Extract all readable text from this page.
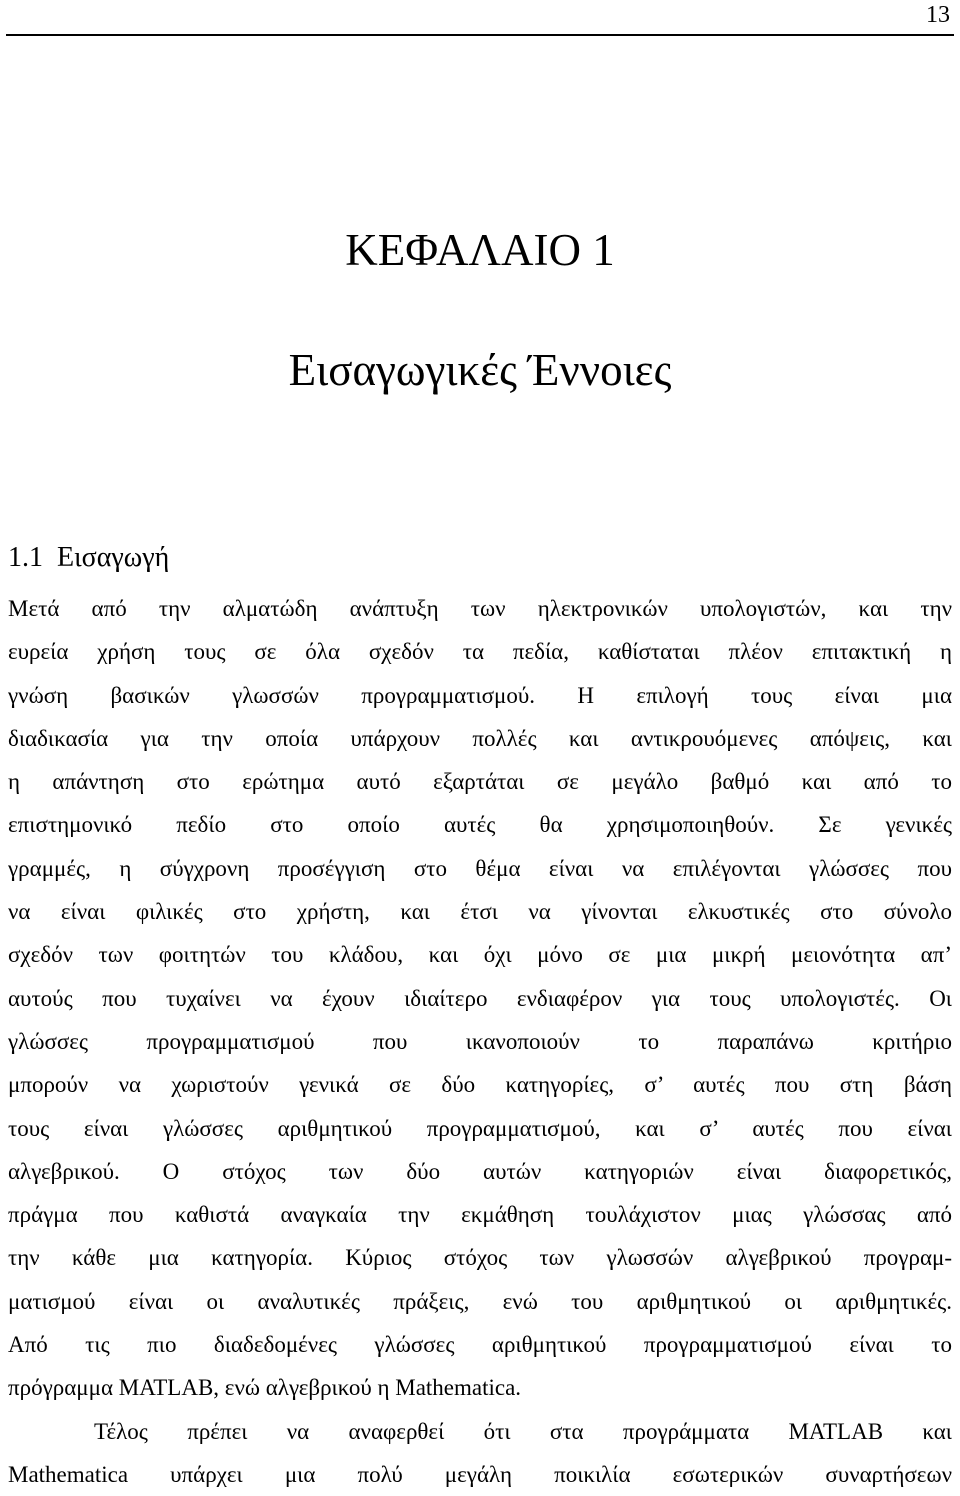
13
ΚΕΦΑΛΑΙΟ 1
Εισαγωγικές Έννοιες
1.1 Εισαγωγή
Μετά από την αλματώδη ανάπτυξη των ηλεκτρονικών υπολογιστών, και την
ευρεία χρήση τους σε όλα σχεδόν τα πεδία, καθίσταται πλέον επιτακτική η
γνώση βασικών γλωσσών προγραμματισμού. Η επιλογή τους είναι μια
διαδικασία για την οποία υπάρχουν πολλές και αντικρουόμενες απόψεις, και
η απάντηση στο ερώτημα αυτό εξαρτάται σε μεγάλο βαθμό και από το
επιστημονικό πεδίο στο οποίο αυτές θα χρησιμοποιηθούν. Σε γενικές
γραμμές, η σύγχρονη προσέγγιση στο θέμα είναι να επιλέγονται γλώσσες που
να είναι φιλικές στο χρήστη, και έτσι να γίνονται ελκυστικές στο σύνολο
σχεδόν των φοιτητών του κλάδου, και όχι μόνο σε μια μικρή μειονότητα απ’
αυτούς που τυχαίνει να έχουν ιδιαίτερο ενδιαφέρον για τους υπολογιστές. Οι
γλώσσες προγραμματισμού που ικανοποιούν το παραπάνω κριτήριο
μπορούν να χωριστούν γενικά σε δύο κατηγορίες, σ’ αυτές που στη βάση
τους είναι γλώσσες αριθμητικού προγραμματισμού, και σ’ αυτές που είναι
αλγεβρικού. Ο στόχος των δύο αυτών κατηγοριών είναι διαφορετικός,
πράγμα που καθιστά αναγκαία την εκμάθηση τουλάχιστον μιας γλώσσας από
την κάθε μια κατηγορία. Κύριος στόχος των γλωσσών αλγεβρικού προγραμ-
ματισμού είναι οι αναλυτικές πράξεις, ενώ του αριθμητικού οι αριθμητικές.
Από τις πιο διαδεδομένες γλώσσες αριθμητικού προγραμματισμού είναι το
πρόγραμμα MATLAB, ενώ αλγεβρικού η Mathematica.
Τέλος πρέπει να αναφερθεί ότι στα προγράμματα MATLAB και
Mathematica υπάρχει μια πολύ μεγάλη ποικιλία εσωτερικών συναρτήσεων
